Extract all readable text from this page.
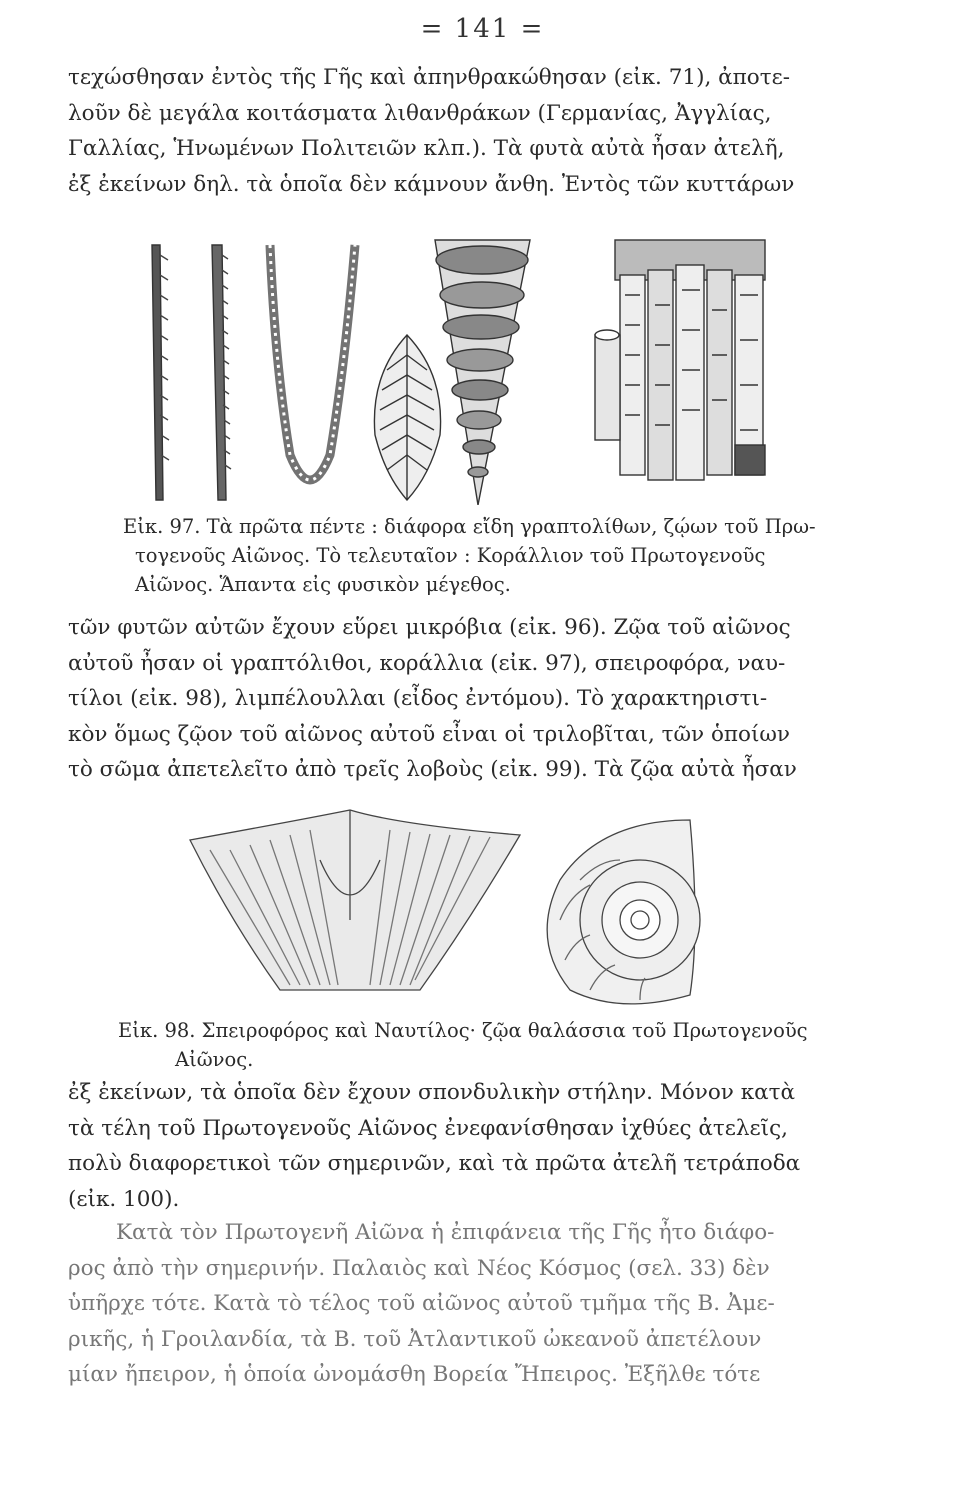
= 141 =
τεχώσθησαν ἐντὸς τῆς Γῆς καὶ ἀπηνθρακώθησαν (εἰκ. 71), ἀποτε-
λοῦν δὲ μεγάλα κοιτάσματα λιθανθράκων (Γερμανίας, Ἀγγλίας,
Γαλλίας, Ἡνωμένων Πολιτειῶν κλπ.). Τὰ φυτὰ αὐτὰ ἦσαν ἀτελῆ,
ἐξ ἐκείνων δηλ. τὰ ὁποῖα δὲν κάμνουν ἄνθη. Ἐντὸς τῶν κυττάρων
Εἰκ. 97. Τὰ πρῶτα πέντε : διάφορα εἴδη γραπτολίθων, ζῴων τοῦ Πρω-
τογενοῦς Αἰῶνος. Τὸ τελευταῖον : Κοράλλιον τοῦ Πρωτογενοῦς
Αἰῶνος. Ἅπαντα εἰς φυσικὸν μέγεθος.
τῶν φυτῶν αὐτῶν ἔχουν εὕρει μικρόβια (εἰκ. 96). Ζῷα τοῦ αἰῶνος
αὐτοῦ ἦσαν οἱ γραπτόλιθοι, κοράλλια (εἰκ. 97), σπειροφόρα, ναυ-
τίλοι (εἰκ. 98), λιμπέλουλλαι (εἶδος ἐντόμου). Τὸ χαρακτηριστι-
κὸν ὅμως ζῷον τοῦ αἰῶνος αὐτοῦ εἶναι οἱ τριλοβῖται, τῶν ὁποίων
τὸ σῶμα ἀπετελεῖτο ἀπὸ τρεῖς λοβοὺς (εἰκ. 99). Τὰ ζῷα αὐτὰ ἦσαν
Εἰκ. 98. Σπειροφόρος καὶ Ναυτίλος· ζῷα θαλάσσια τοῦ Πρωτογενοῦς
Αἰῶνος.
ἐξ ἐκείνων, τὰ ὁποῖα δὲν ἔχουν σπονδυλικὴν στήλην. Μόνον κατὰ
τὰ τέλη τοῦ Πρωτογενοῦς Αἰῶνος ἐνεφανίσθησαν ἰχθύες ἀτελεῖς,
πολὺ διαφορετικοὶ τῶν σημερινῶν, καὶ τὰ πρῶτα ἀτελῆ τετράποδα
(εἰκ. 100).
Κατὰ τὸν Πρωτογενῆ Αἰῶνα ἡ ἐπιφάνεια τῆς Γῆς ἦτο διάφο-
ρος ἀπὸ τὴν σημερινήν. Παλαιὸς καὶ Νέος Κόσμος (σελ. 33) δὲν
ὑπῆρχε τότε. Κατὰ τὸ τέλος τοῦ αἰῶνος αὐτοῦ τμῆμα τῆς Β. Ἀμε-
ρικῆς, ἡ Γροιλανδία, τὰ Β. τοῦ Ἀτλαντικοῦ ὠκεανοῦ ἀπετέλουν
μίαν ἤπειρον, ἡ ὁποία ὠνομάσθη Βορεία Ἤπειρος. Ἐξῆλθε τότε
